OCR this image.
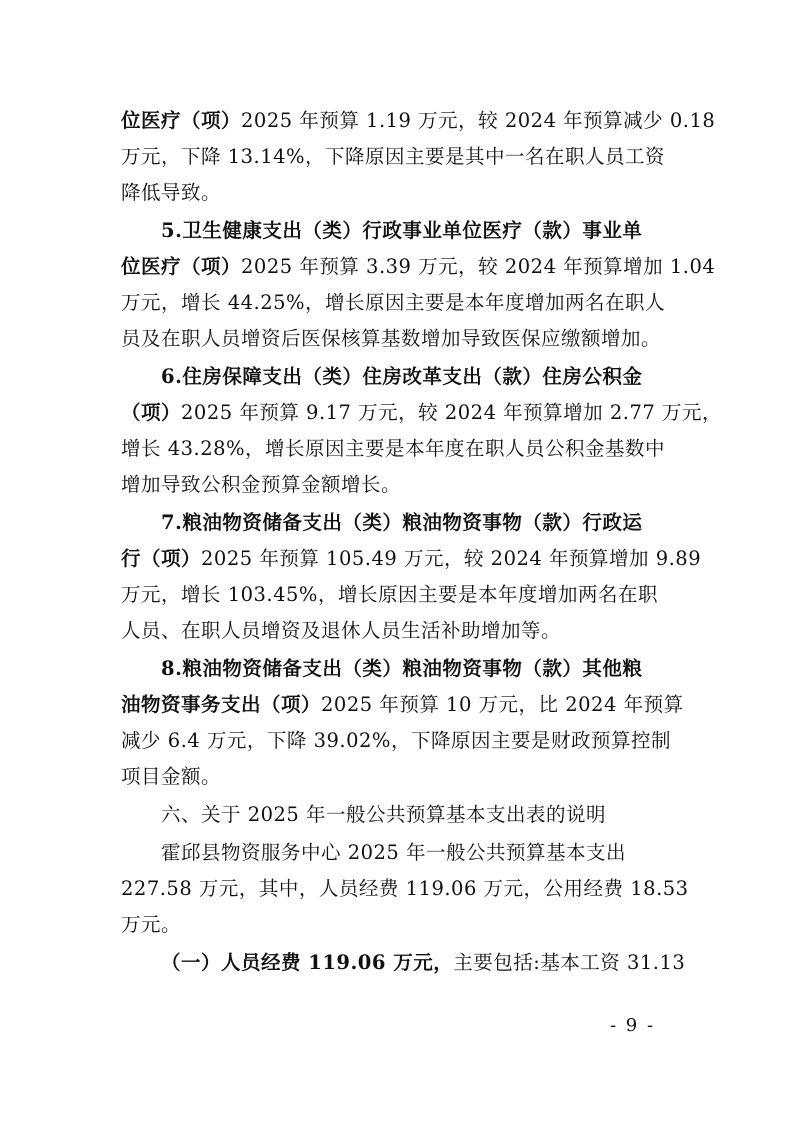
位医疗（项）2025 年预算 1.19 万元，较 2024 年预算减少 0.18
万元，下降 13.14%，下降原因主要是其中一名在职人员工资
降低导致。
5.卫生健康支出（类）行政事业单位医疗（款）事业单
位医疗（项）2025 年预算 3.39 万元，较 2024 年预算增加 1.04
万元，增长 44.25%，增长原因主要是本年度增加两名在职人
员及在职人员增资后医保核算基数增加导致医保应缴额增加。
6.住房保障支出（类）住房改革支出（款）住房公积金
（项）2025 年预算 9.17 万元，较 2024 年预算增加 2.77 万元，
增长 43.28%，增长原因主要是本年度在职人员公积金基数中
增加导致公积金预算金额增长。
7.粮油物资储备支出（类）粮油物资事物（款）行政运
行（项）2025 年预算 105.49 万元，较 2024 年预算增加 9.89
万元，增长 103.45%，增长原因主要是本年度增加两名在职
人员、在职人员增资及退休人员生活补助增加等。
8.粮油物资储备支出（类）粮油物资事物（款）其他粮
油物资事务支出（项）2025 年预算 10 万元，比 2024 年预算
减少 6.4 万元，下降 39.02%，下降原因主要是财政预算控制
项目金额。
六、关于 2025 年一般公共预算基本支出表的说明
霍邱县物资服务中心 2025 年一般公共预算基本支出
227.58 万元，其中，人员经费 119.06 万元，公用经费 18.53
万元。
（一）人员经费 119.06 万元，主要包括:基本工资 31.13
- 9 -
